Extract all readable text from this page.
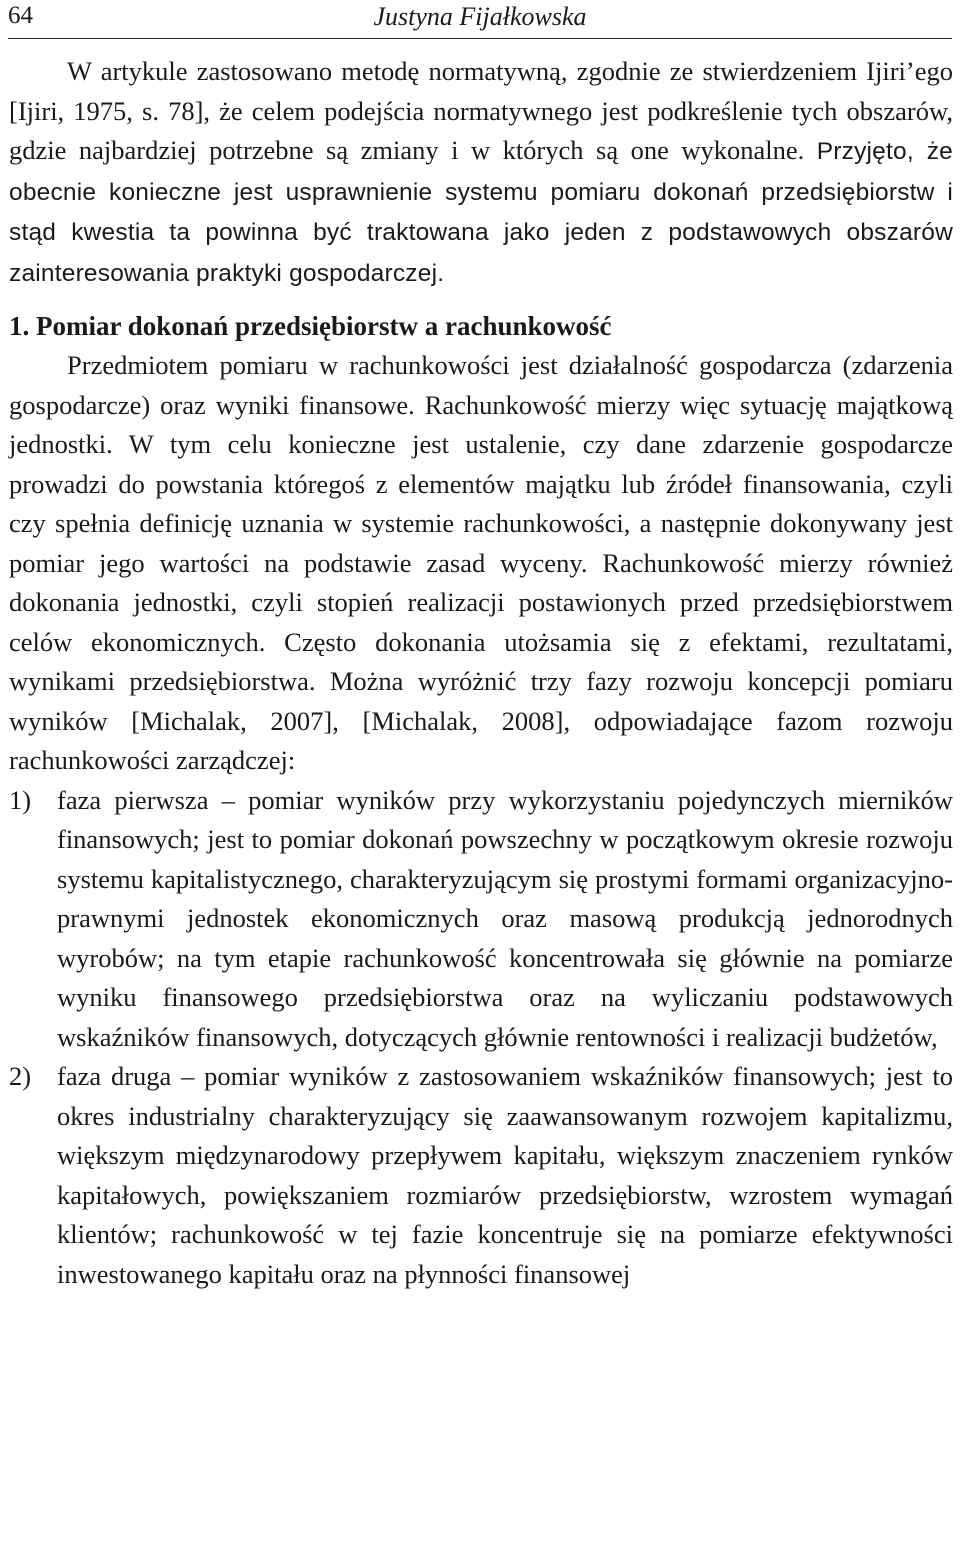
64	Justyna Fijałkowska

W artykule zastosowano metodę normatywną, zgodnie ze stwierdzeniem Ijiri’ego [Ijiri, 1975, s. 78], że celem podejścia normatywnego jest podkreślenie tych obszarów, gdzie najbardziej potrzebne są zmiany i w których są one wykonalne. Przyjęto, że obecnie konieczne jest usprawnienie systemu pomiaru dokonań przedsiębiorstw i stąd kwestia ta powinna być traktowana jako jeden z podstawowych obszarów zainteresowania praktyki gospodarczej.

1. Pomiar dokonań przedsiębiorstw a rachunkowość

Przedmiotem pomiaru w rachunkowości jest działalność gospodarcza (zdarzenia gospodarcze) oraz wyniki finansowe. Rachunkowość mierzy więc sytuację majątkową jednostki. W tym celu konieczne jest ustalenie, czy dane zdarzenie gospodarcze prowadzi do powstania któregoś z elementów majątku lub źródeł finansowania, czyli czy spełnia definicję uznania w systemie rachunkowości, a następnie dokonywany jest pomiar jego wartości na podstawie zasad wyceny. Rachunkowość mierzy również dokonania jednostki, czyli stopień realizacji postawionych przed przedsiębiorstwem celów ekonomicznych. Często dokonania utożsamia się z efektami, rezultatami, wynikami przedsiębiorstwa. Można wyróżnić trzy fazy rozwoju koncepcji pomiaru wyników [Michalak, 2007], [Michalak, 2008], odpowiadające fazom rozwoju rachunkowości zarządczej:

1) faza pierwsza – pomiar wyników przy wykorzystaniu pojedynczych mierników finansowych; jest to pomiar dokonań powszechny w początkowym okresie rozwoju systemu kapitalistycznego, charakteryzującym się prostymi formami organizacyjno-prawnymi jednostek ekonomicznych oraz masową produkcją jednorodnych wyrobów; na tym etapie rachunkowość koncentrowała się głównie na pomiarze wyniku finansowego przedsiębiorstwa oraz na wyliczaniu podstawowych wskaźników finansowych, dotyczących głównie rentowności i realizacji budżetów,
2) faza druga – pomiar wyników z zastosowaniem wskaźników finansowych; jest to okres industrialny charakteryzujący się zaawansowanym rozwojem kapitalizmu, większym międzynarodowy przepływem kapitału, większym znaczeniem rynków kapitałowych, powiększaniem rozmiarów przedsiębiorstw, wzrostem wymagań klientów; rachunkowość w tej fazie koncentruje się na pomiarze efektywności inwestowanego kapitału oraz na płynności finansowej
